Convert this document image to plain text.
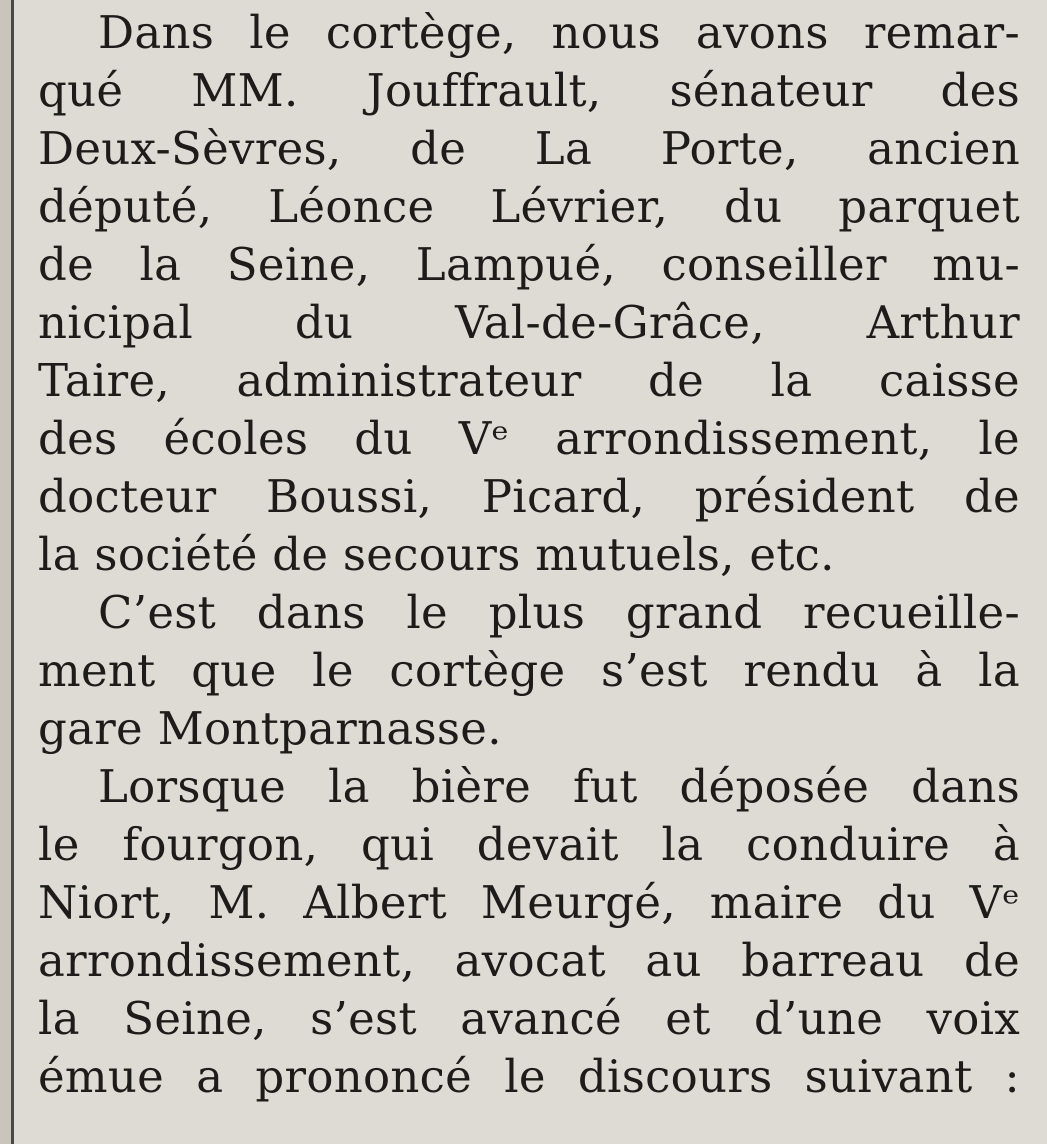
Dans le cortège, nous avons remar-
qué MM. Jouffrault, sénateur des
Deux-Sèvres, de La Porte, ancien
député, Léonce Lévrier, du parquet
de la Seine, Lampué, conseiller mu-
nicipal du Val-de-Grâce, Arthur
Taire, administrateur de la caisse
des écoles du Vᵉ arrondissement, le
docteur Boussi, Picard, président de
la société de secours mutuels, etc.
C’est dans le plus grand recueille-
ment que le cortège s’est rendu à la
gare Montparnasse.
Lorsque la bière fut déposée dans
le fourgon, qui devait la conduire à
Niort, M. Albert Meurgé, maire du Vᵉ
arrondissement, avocat au barreau de
la Seine, s’est avancé et d’une voix
émue a prononcé le discours suivant :
